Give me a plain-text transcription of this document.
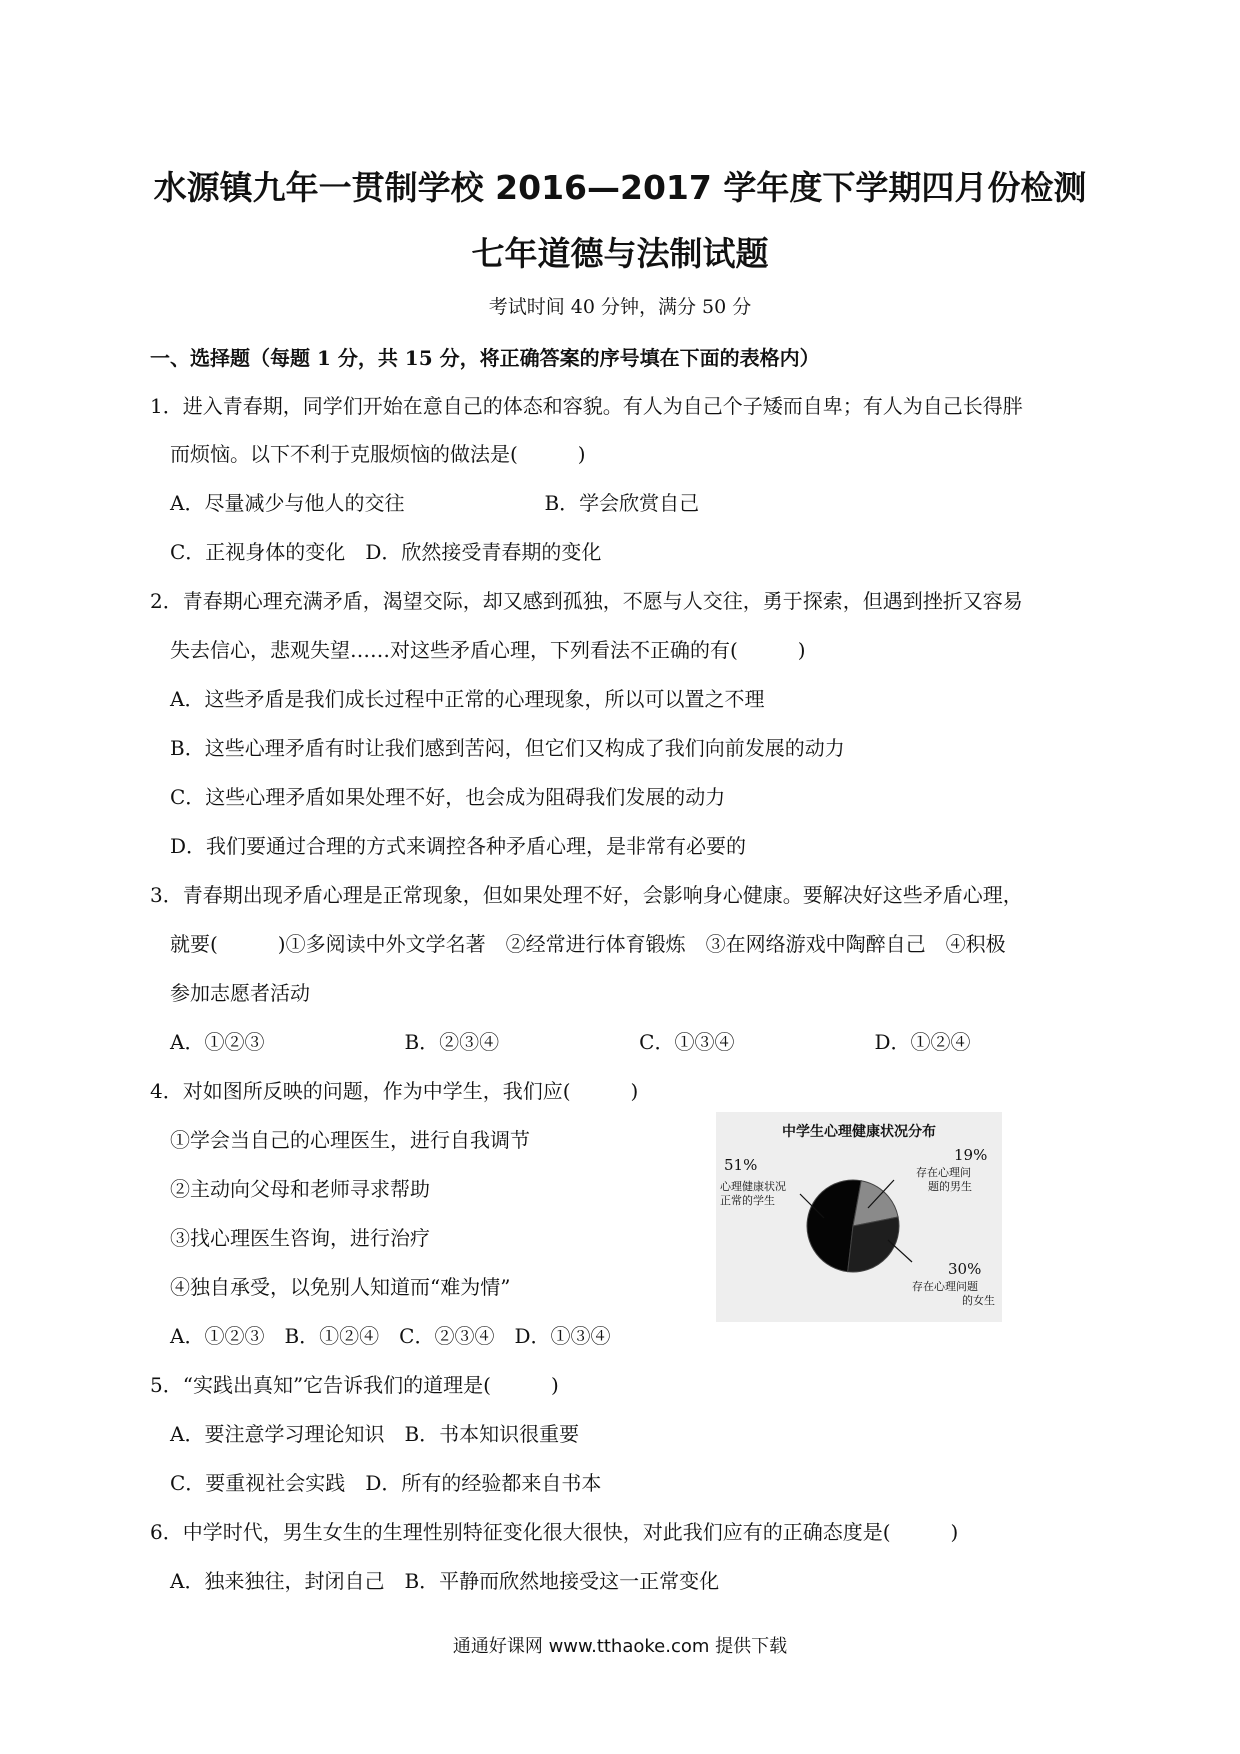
水源镇九年一贯制学校 2016—2017 学年度下学期四月份检测
七年道德与法制试题
考试时间 40 分钟，满分 50 分
一、选择题（每题 1 分，共 15 分，将正确答案的序号填在下面的表格内）
1．进入青春期，同学们开始在意自己的体态和容貌。有人为自己个子矮而自卑；有人为自己长得胖
而烦恼。以下不利于克服烦恼的做法是(　　　)
A．尽量减少与他人的交往	B．学会欣赏自己
C．正视身体的变化　 D．欣然接受青春期的变化
2．青春期心理充满矛盾，渴望交际，却又感到孤独，不愿与人交往，勇于探索，但遇到挫折又容易
失去信心，悲观失望……对这些矛盾心理，下列看法不正确的有(　　　)
A．这些矛盾是我们成长过程中正常的心理现象，所以可以置之不理
B．这些心理矛盾有时让我们感到苦闷，但它们又构成了我们向前发展的动力
C．这些心理矛盾如果处理不好，也会成为阻碍我们发展的动力
D．我们要通过合理的方式来调控各种矛盾心理，是非常有必要的
3．青春期出现矛盾心理是正常现象，但如果处理不好，会影响身心健康。要解决好这些矛盾心理，
就要(　　　)①多阅读中外文学名著　②经常进行体育锻炼　③在网络游戏中陶醉自己　④积极
参加志愿者活动
A．①②③	B．②③④	C．①③④	D．①②④
4．对如图所反映的问题，作为中学生，我们应(　　　)
①学会当自己的心理医生，进行自我调节
②主动向父母和老师寻求帮助
③找心理医生咨询，进行治疗
④独自承受，以免别人知道而“难为情”
A．①②③　 B．①②④　 C．②③④　 D．①③④
中学生心理健康状况分布
51%
心理健康状况
正常的学生
19%
存在心理问
题的男生
30%
存在心理问题
的女生
5．“实践出真知”它告诉我们的道理是(　　　)
A．要注意学习理论知识　 B．书本知识很重要
C．要重视社会实践　 D．所有的经验都来自书本
6．中学时代，男生女生的生理性别特征变化很大很快，对此我们应有的正确态度是(　　　)
A．独来独往，封闭自己　 B．平静而欣然地接受这一正常变化
通通好课网 www.tthaoke.com 提供下载
